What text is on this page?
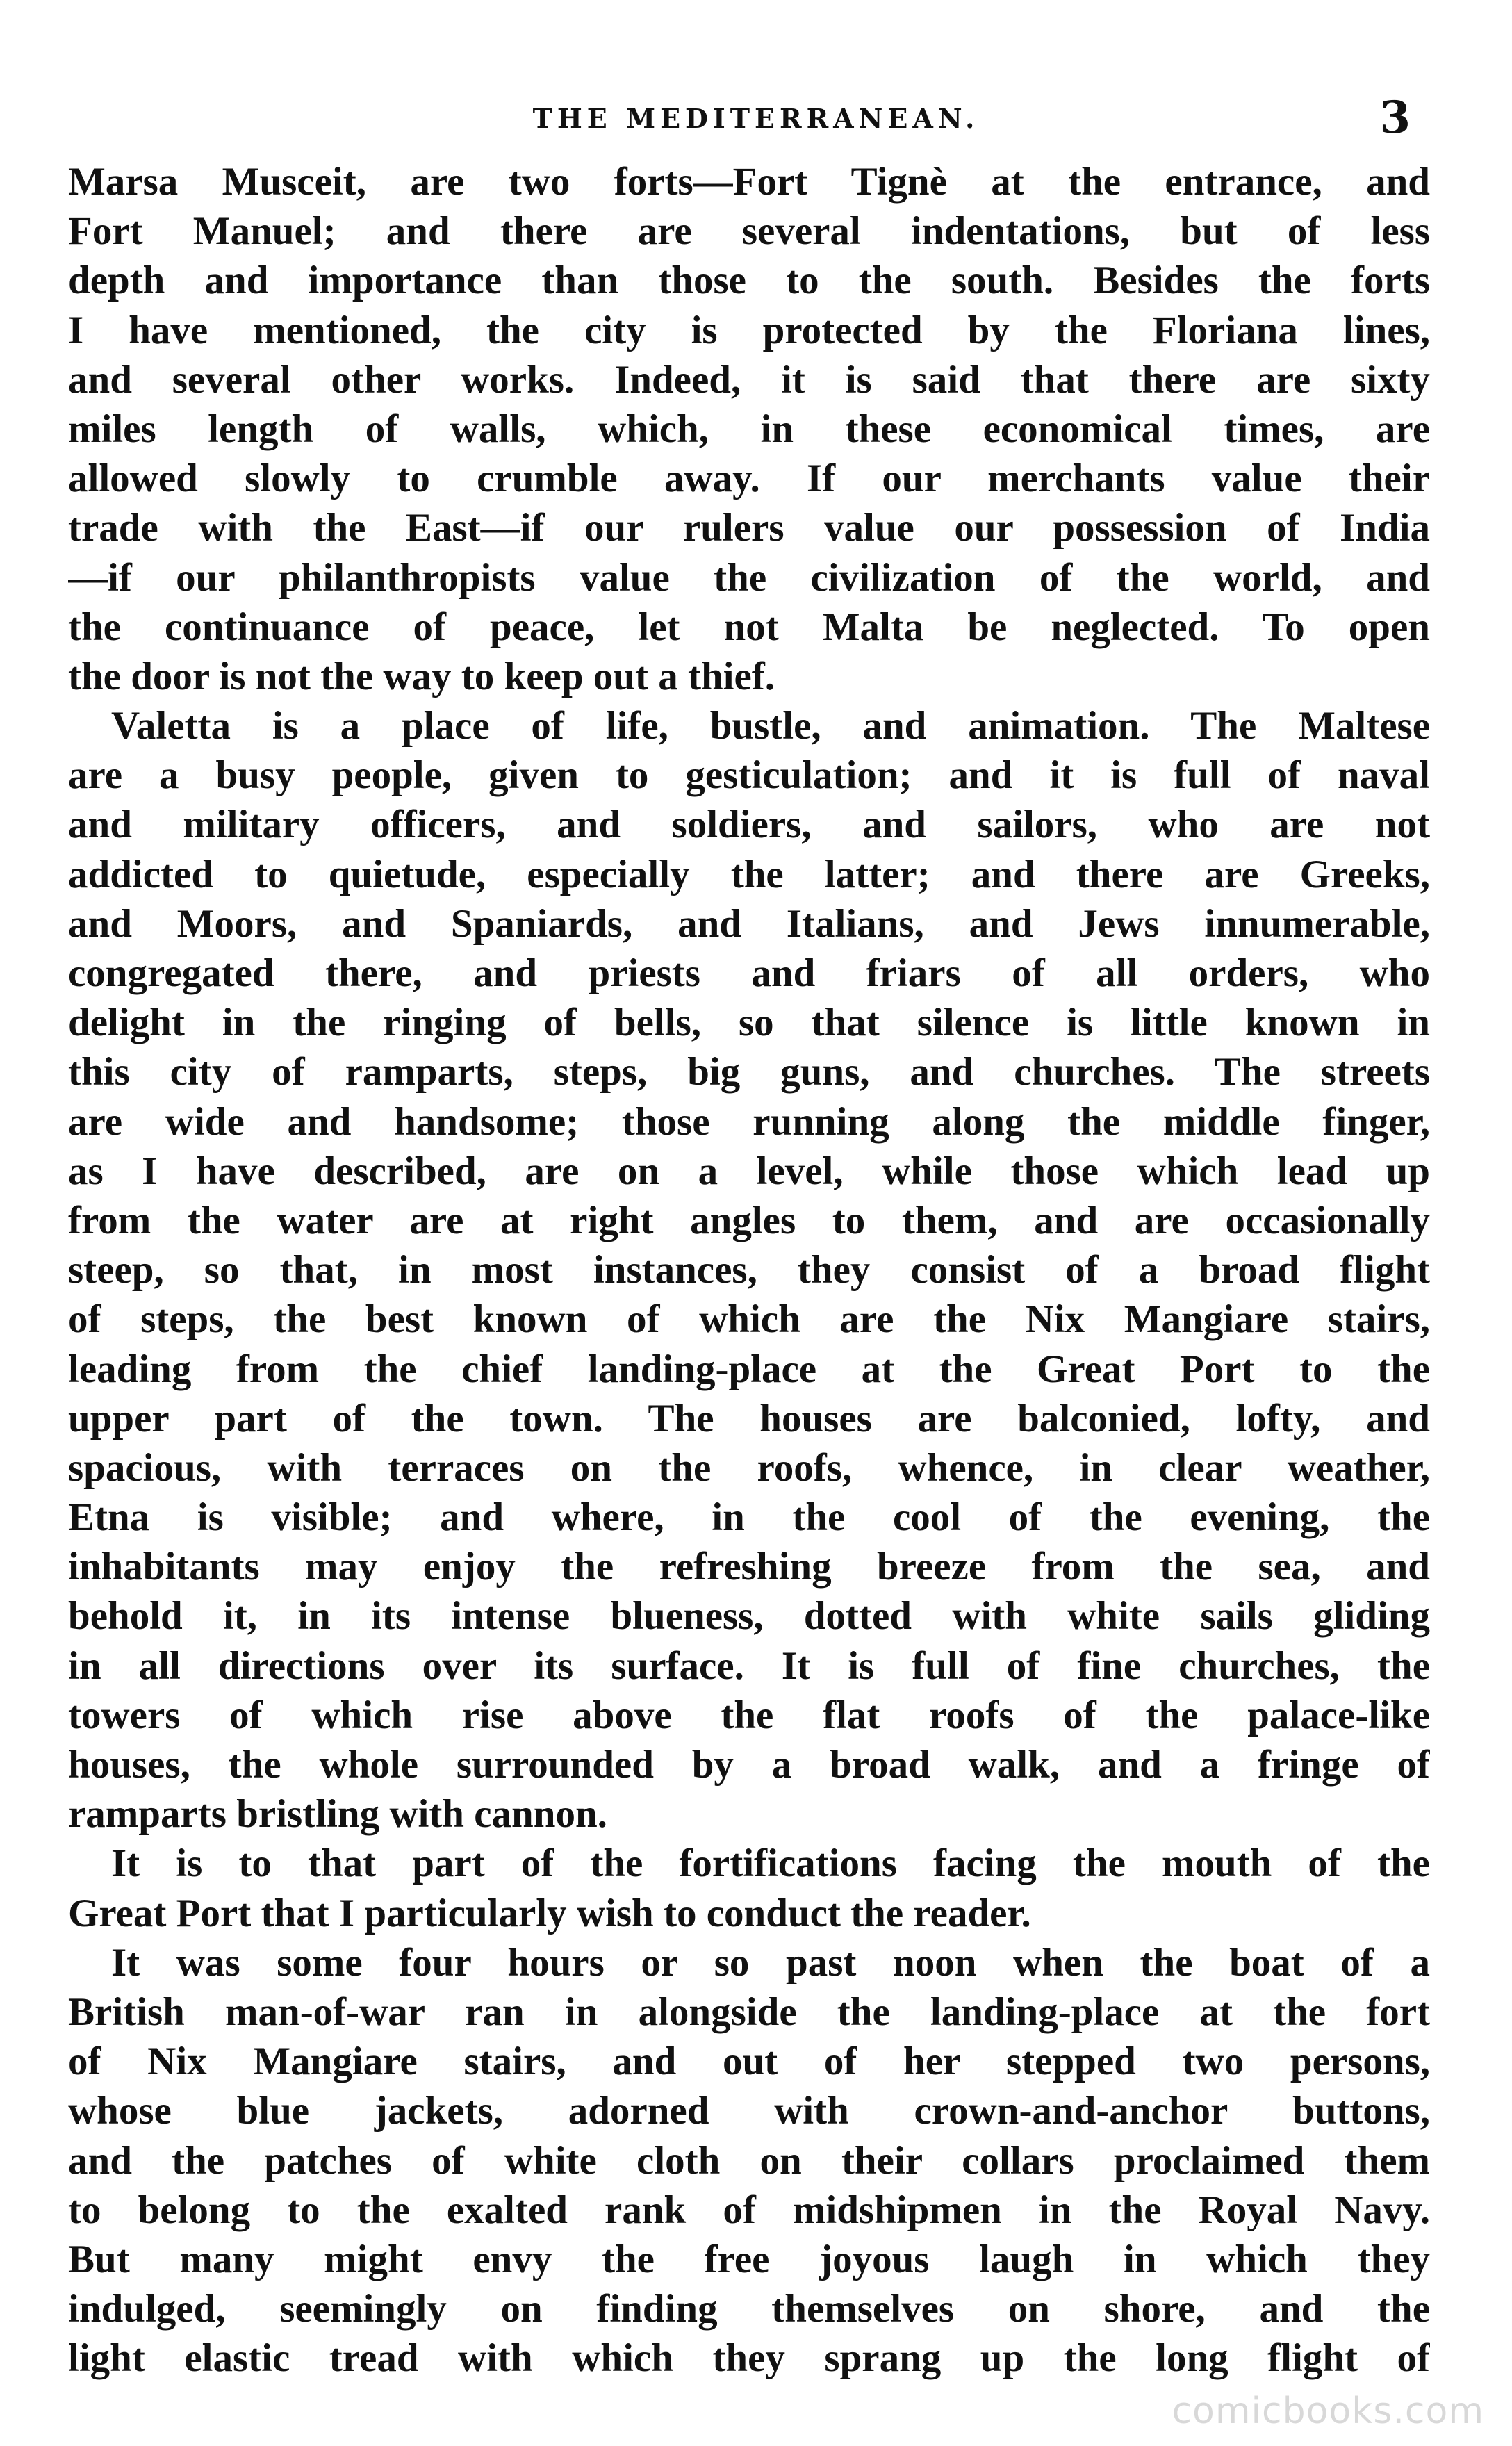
THE MEDITERRANEAN.	3
Marsa Musceit, are two forts—Fort Tignè at the entrance, and
Fort Manuel; and there are several indentations, but of less
depth and importance than those to the south. Besides the forts
I have mentioned, the city is protected by the Floriana lines,
and several other works. Indeed, it is said that there are sixty
miles length of walls, which, in these economical times, are
allowed slowly to crumble away. If our merchants value their
trade with the East—if our rulers value our possession of India
—if our philanthropists value the civilization of the world, and
the continuance of peace, let not Malta be neglected. To open
the door is not the way to keep out a thief.
Valetta is a place of life, bustle, and animation. The Maltese
are a busy people, given to gesticulation; and it is full of naval
and military officers, and soldiers, and sailors, who are not
addicted to quietude, especially the latter; and there are Greeks,
and Moors, and Spaniards, and Italians, and Jews innumerable,
congregated there, and priests and friars of all orders, who
delight in the ringing of bells, so that silence is little known in
this city of ramparts, steps, big guns, and churches. The streets
are wide and handsome; those running along the middle finger,
as I have described, are on a level, while those which lead up
from the water are at right angles to them, and are occasionally
steep, so that, in most instances, they consist of a broad flight
of steps, the best known of which are the Nix Mangiare stairs,
leading from the chief landing-place at the Great Port to the
upper part of the town. The houses are balconied, lofty, and
spacious, with terraces on the roofs, whence, in clear weather,
Etna is visible; and where, in the cool of the evening, the
inhabitants may enjoy the refreshing breeze from the sea, and
behold it, in its intense blueness, dotted with white sails gliding
in all directions over its surface. It is full of fine churches, the
towers of which rise above the flat roofs of the palace-like
houses, the whole surrounded by a broad walk, and a fringe of
ramparts bristling with cannon.
It is to that part of the fortifications facing the mouth of the
Great Port that I particularly wish to conduct the reader.
It was some four hours or so past noon when the boat of a
British man-of-war ran in alongside the landing-place at the fort
of Nix Mangiare stairs, and out of her stepped two persons,
whose blue jackets, adorned with crown-and-anchor buttons,
and the patches of white cloth on their collars proclaimed them
to belong to the exalted rank of midshipmen in the Royal Navy.
But many might envy the free joyous laugh in which they
indulged, seemingly on finding themselves on shore, and the
light elastic tread with which they sprang up the long flight of
comicbooks.com
